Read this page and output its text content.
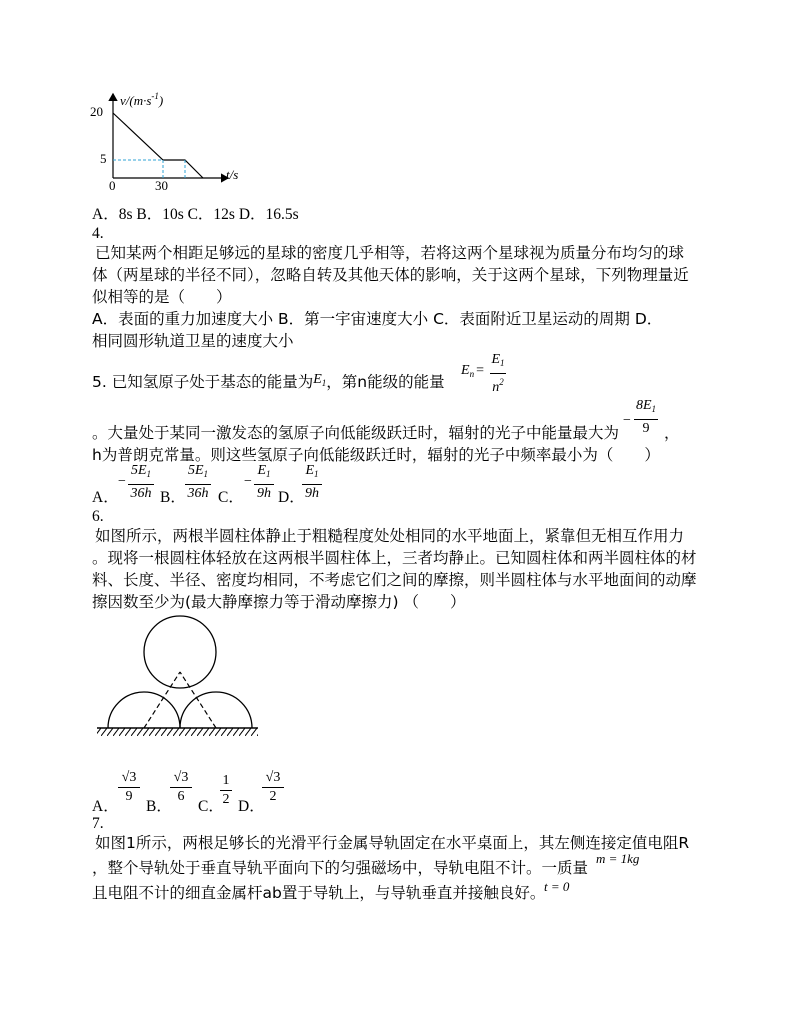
20
5
0	30
$v/(m\cdot s^{-1})$
t/s
A．8s B．10s C．12s D．16.5s
4.
已知某两个相距足够远的星球的密度几乎相等，若将这两个星球视为质量分布均匀的球
体（两星球的半径不同），忽略自转及其他天体的影响，关于这两个星球，下列物理量近
似相等的是（　　）
A．表面的重力加速度大小 B．第一宇宙速度大小 C．表面附近卫星运动的周期 D．
相同圆形轨道卫星的速度大小
5. 已知氢原子处于基态的能量为$E_1$，第n能级的能量
$E_n$ =
$E_1$
$n^2$
−
$8E_1$
9
。大量处于某同一激发态的氢原子向低能级跃迁时，辐射的光子中能量最大为	，
h为普朗克常量。则这些氢原子向低能级跃迁时，辐射的光子中频率最小为（　　）
A．
−
$5E_1$
36h B．
$5E_1$
36h C．
−
$E_1$
9h D．
$E_1$
9h
6.
如图所示，两根半圆柱体静止于粗糙程度处处相同的水平地面上，紧靠但无相互作用力
。现将一根圆柱体轻放在这两根半圆柱体上，三者均静止。已知圆柱体和两半圆柱体的材
料、长度、半径、密度均相同，不考虑它们之间的摩擦，则半圆柱体与水平地面间的动摩
擦因数至少为(最大静摩擦力等于滑动摩擦力) （　　）
A．
√3
9
B．
√3
6
C．
1
2 D．
√3
2
7.
如图1所示，两根足够长的光滑平行金属导轨固定在水平桌面上，其左侧连接定值电阻R
，整个导轨处于垂直导轨平面向下的匀强磁场中，导轨电阻不计。一质量
m = 1kg
且电阻不计的细直金属杆ab置于导轨上，与导轨垂直并接触良好。
t = 0
